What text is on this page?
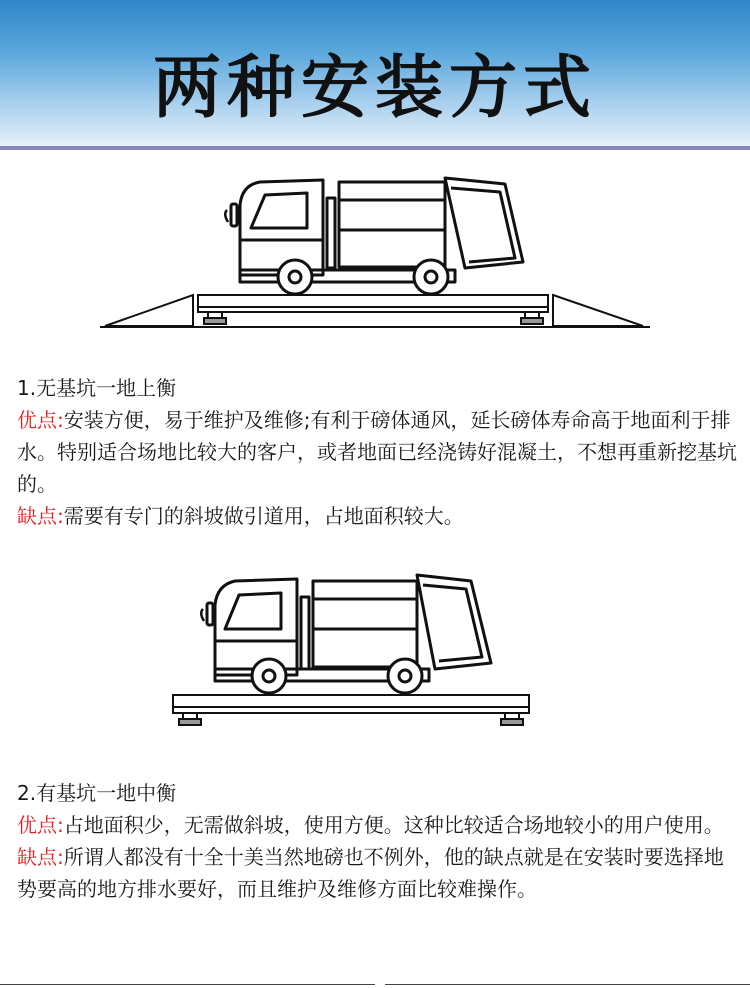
两种安装方式
1.无基坑一地上衡
优点:安装方便，易于维护及维修;有利于磅体通风，延长磅体寿命高于地面利于排水。特别适合场地比较大的客户，或者地面已经浇铸好混凝土，不想再重新挖基坑的。
缺点:需要有专门的斜坡做引道用，占地面积较大。
2.有基坑一地中衡
优点:占地面积少，无需做斜坡，使用方便。这种比较适合场地较小的用户使用。
缺点:所谓人都没有十全十美当然地磅也不例外，他的缺点就是在安装时要选择地势要高的地方排水要好，而且维护及维修方面比较难操作。
